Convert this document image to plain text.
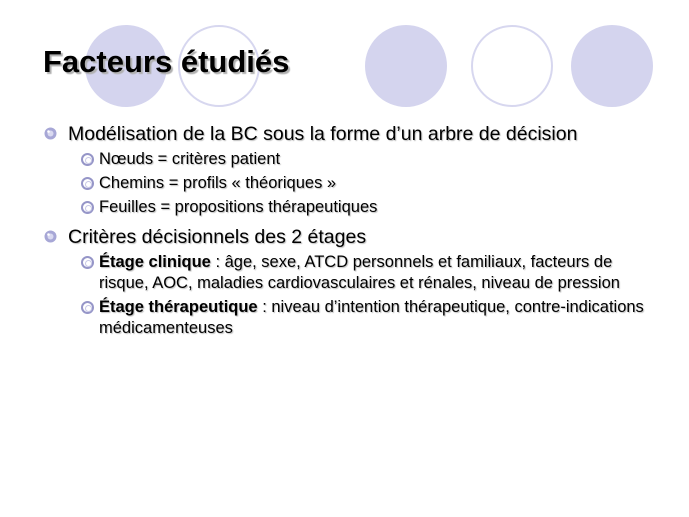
Facteurs étudiés
Modélisation de la BC sous la forme d’un arbre de décision
Nœuds = critères patient
Chemins = profils « théoriques »
Feuilles = propositions thérapeutiques
Critères décisionnels des 2 étages
Étage clinique : âge, sexe, ATCD personnels et familiaux, facteurs de risque, AOC, maladies cardiovasculaires et rénales, niveau de pression
Étage thérapeutique : niveau d’intention thérapeutique, contre-indications médicamenteuses
